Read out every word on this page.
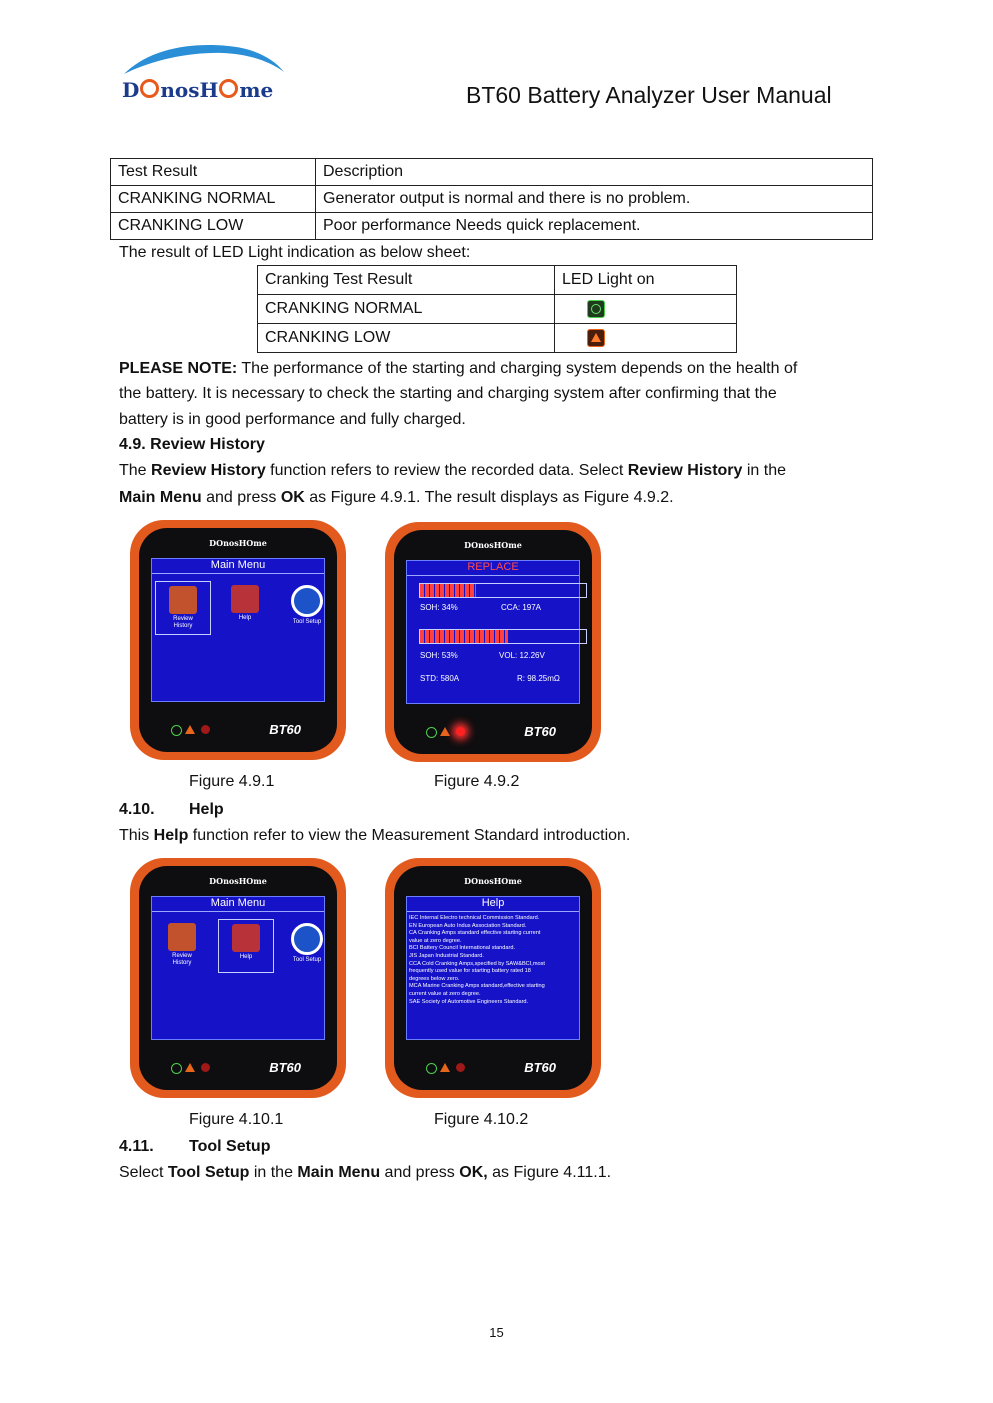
D nosH me	BT60 Battery Analyzer User Manual
Test Result	Description
CRANKING NORMAL	Generator output is normal and there is no problem.
CRANKING LOW	Poor performance Needs quick replacement.
The result of LED Light indication as below sheet:
Cranking Test Result	LED Light on
CRANKING NORMAL	
CRANKING LOW	
PLEASE NOTE: The performance of the starting and charging system depends on the health of
the battery. It is necessary to check the starting and charging system after confirming that the
battery is in good performance and fully charged.
4.9. Review History
The Review History function refers to review the recorded data. Select Review History in the
Main Menu and press OK as Figure 4.9.1. The result displays as Figure 4.9.2.
DOnosHOme
Main Menu
Review
History
Help
Tool Setup
BT60
DOnosHOme
REPLACE
SOH: 34%	CCA: 197A
SOH: 53%	VOL: 12.26V
STD: 580A	R: 98.25mΩ
BT60
Figure 4.9.1	Figure 4.9.2
4.10. Help
This Help function refer to view the Measurement Standard introduction.
DOnosHOme
Main Menu
Review
History
Help	Tool Setup
BT60
DOnosHOme
Help
IEC Internal Electro technical Commission Standard.
EN European Auto Indus Association Standard.
CA Cranking Amps standard effective starting current
value at zero degree.
BCI Battery Council International standard.
JIS Japan Industrial Standard.
CCA Cold Cranking Amps,specified by SAW&BCI,most
frequently used value for starting battery rated 18
degrees below zero.
MCA Marine Cranking Amps standard,effective starting
current value at zero degree.
SAE Society of Automotive Engineers Standard.
BT60
Figure 4.10.1	Figure 4.10.2
4.11. Tool Setup
Select Tool Setup in the Main Menu and press OK, as Figure 4.11.1.
15
